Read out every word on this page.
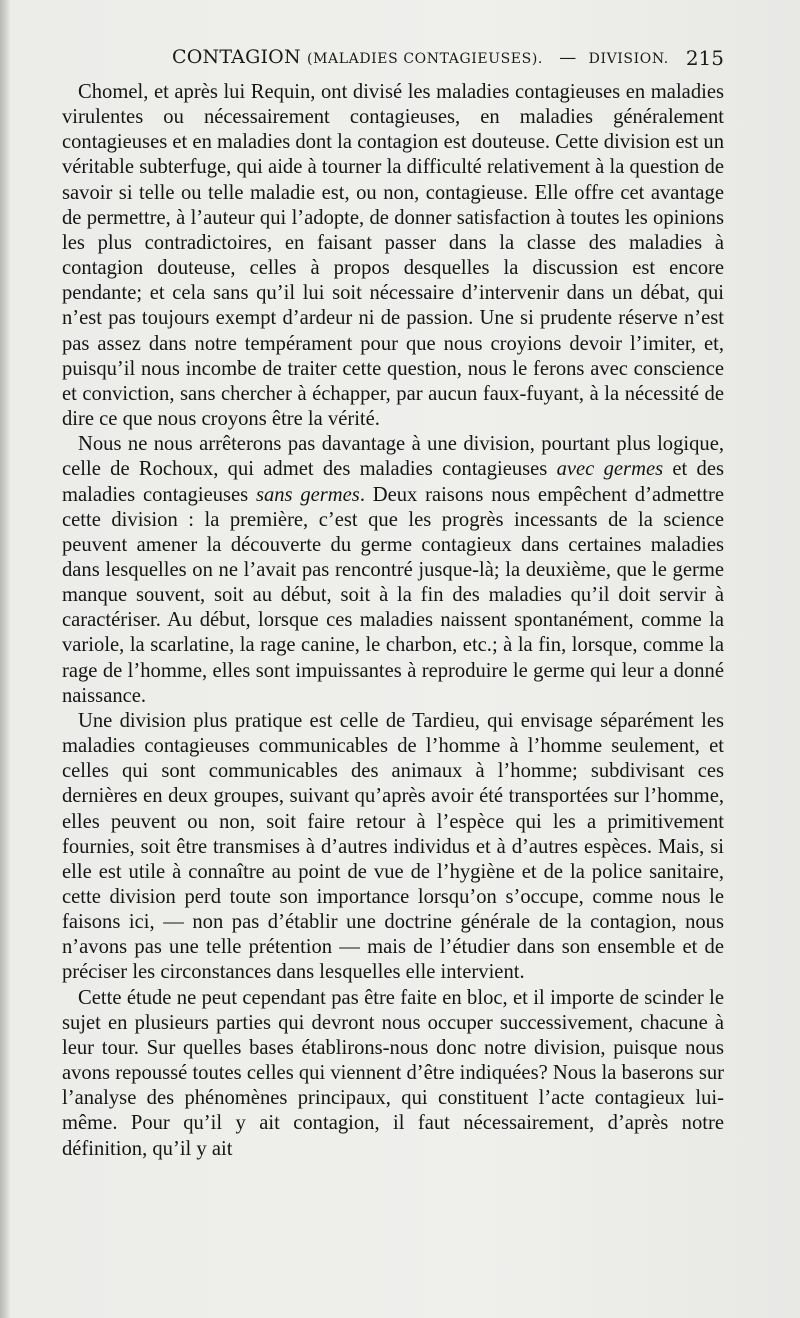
CONTAGION (MALADIES CONTAGIEUSES). — DIVISION. 215

Chomel, et après lui Requin, ont divisé les maladies contagieuses en maladies virulentes ou nécessairement contagieuses, en maladies généralement contagieuses et en maladies dont la contagion est douteuse. Cette division est un véritable subterfuge, qui aide à tourner la difficulté relativement à la question de savoir si telle ou telle maladie est, ou non, contagieuse. Elle offre cet avantage de permettre, à l’auteur qui l’adopte, de donner satisfaction à toutes les opinions les plus contradictoires, en faisant passer dans la classe des maladies à contagion douteuse, celles à propos desquelles la discussion est encore pendante; et cela sans qu’il lui soit nécessaire d’intervenir dans un débat, qui n’est pas toujours exempt d’ardeur ni de passion. Une si prudente réserve n’est pas assez dans notre tempérament pour que nous croyions devoir l’imiter, et, puisqu’il nous incombe de traiter cette question, nous le ferons avec conscience et conviction, sans chercher à échapper, par aucun faux-fuyant, à la nécessité de dire ce que nous croyons être la vérité.

Nous ne nous arrêterons pas davantage à une division, pourtant plus logique, celle de Rochoux, qui admet des maladies contagieuses avec germes et des maladies contagieuses sans germes. Deux raisons nous empêchent d’admettre cette division : la première, c’est que les progrès incessants de la science peuvent amener la découverte du germe contagieux dans certaines maladies dans lesquelles on ne l’avait pas rencontré jusque-là; la deuxième, que le germe manque souvent, soit au début, soit à la fin des maladies qu’il doit servir à caractériser. Au début, lorsque ces maladies naissent spontanément, comme la variole, la scarlatine, la rage canine, le charbon, etc.; à la fin, lorsque, comme la rage de l’homme, elles sont impuissantes à reproduire le germe qui leur a donné naissance.

Une division plus pratique est celle de Tardieu, qui envisage séparément les maladies contagieuses communicables de l’homme à l’homme seulement, et celles qui sont communicables des animaux à l’homme; subdivisant ces dernières en deux groupes, suivant qu’après avoir été transportées sur l’homme, elles peuvent ou non, soit faire retour à l’espèce qui les a primitivement fournies, soit être transmises à d’autres individus et à d’autres espèces. Mais, si elle est utile à connaître au point de vue de l’hygiène et de la police sanitaire, cette division perd toute son importance lorsqu’on s’occupe, comme nous le faisons ici, — non pas d’établir une doctrine générale de la contagion, nous n’avons pas une telle prétention — mais de l’étudier dans son ensemble et de préciser les circonstances dans lesquelles elle intervient.

Cette étude ne peut cependant pas être faite en bloc, et il importe de scinder le sujet en plusieurs parties qui devront nous occuper successivement, chacune à leur tour. Sur quelles bases établirons-nous donc notre division, puisque nous avons repoussé toutes celles qui viennent d’être indiquées? Nous la baserons sur l’analyse des phénomènes principaux, qui constituent l’acte contagieux lui-même. Pour qu’il y ait contagion, il faut nécessairement, d’après notre définition, qu’il y ait
